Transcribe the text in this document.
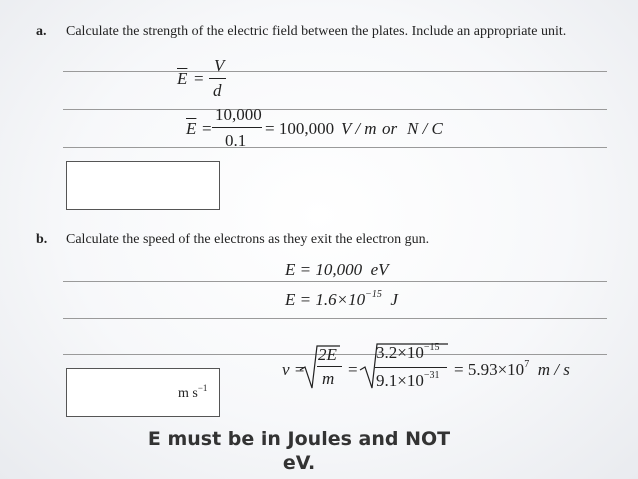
a. Calculate the strength of the electric field between the plates. Include an appropriate unit.
$\overline{E}$ =
V
d
$\overline{E}$ =
10,000
0.1
= 100,000 V / m or N / C
b. Calculate the speed of the electrons as they exit the electron gun.
E = 10,000 eV
$E = 1.6\times 10^{-15}$ J
v =
2E
m =
$3.2\times 10^{-15}$
$9.1\times 10^{-31} = 5.93\times 10^7$ m / s
m $s^{-1}$
E must be in Joules and NOT eV.
